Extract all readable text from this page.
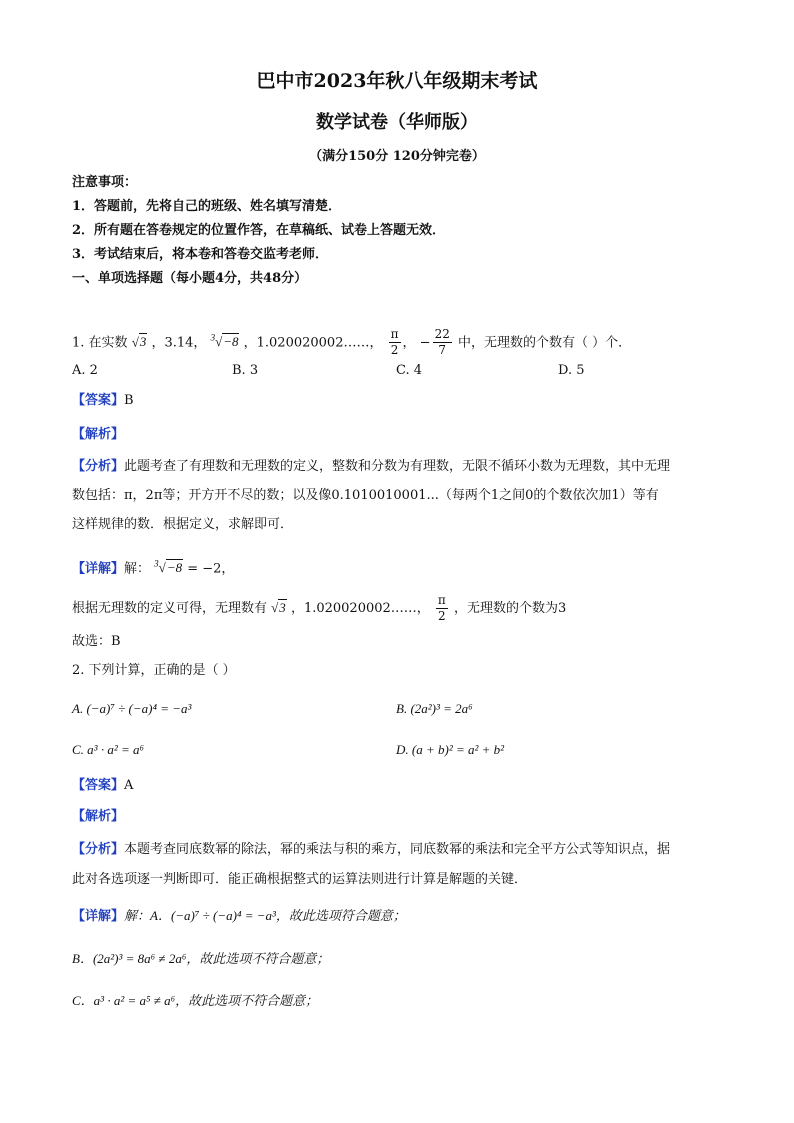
巴中市2023年秋八年级期末考试
数学试卷（华师版）
（满分150分 120分钟完卷）
注意事项：
1．答题前，先将自己的班级、姓名填写清楚．
2．所有题在答卷规定的位置作答，在草稿纸、试卷上答题无效．
3．考试结束后，将本卷和答卷交监考老师．
一、单项选择题（每小题4分，共48分）
1. 在实数 √3 ，3.14， $^3$√−8 ，1.020020002……， $\frac{\pi}{2}$ ， − $\frac{22}{7}$ 中，无理数的个数有（ ）个．
A. 2	B. 3	C. 4	D. 5
【答案】B
【解析】
【分析】此题考查了有理数和无理数的定义，整数和分数为有理数，无限不循环小数为无理数，其中无理
数包括：π，2π等；开方开不尽的数；以及像0.1010010001...（每两个1之间0的个数依次加1）等有
这样规律的数．根据定义，求解即可．
【详解】解： $^3$√−8 = −2，
根据无理数的定义可得，无理数有 √3 ，1.020020002……， $\frac{\pi}{2}$ ，无理数的个数为3
故选：B
2. 下列计算，正确的是（ ）
A. (−a)⁷ ÷ (−a)⁴ = −a³	B. (2a²)³ = 2a⁶
C. a³ · a² = a⁶	D. (a + b)² = a² + b²
【答案】A
【解析】
【分析】本题考查同底数幂的除法，幂的乘法与积的乘方，同底数幂的乘法和完全平方公式等知识点，据
此对各选项逐一判断即可．能正确根据整式的运算法则进行计算是解题的关键．
【详解】解：A．(−a)⁷ ÷ (−a)⁴ = −a³，故此选项符合题意；
B．(2a²)³ = 8a⁶ ≠ 2a⁶，故此选项不符合题意；
C．a³ · a² = a⁵ ≠ a⁶，故此选项不符合题意；
